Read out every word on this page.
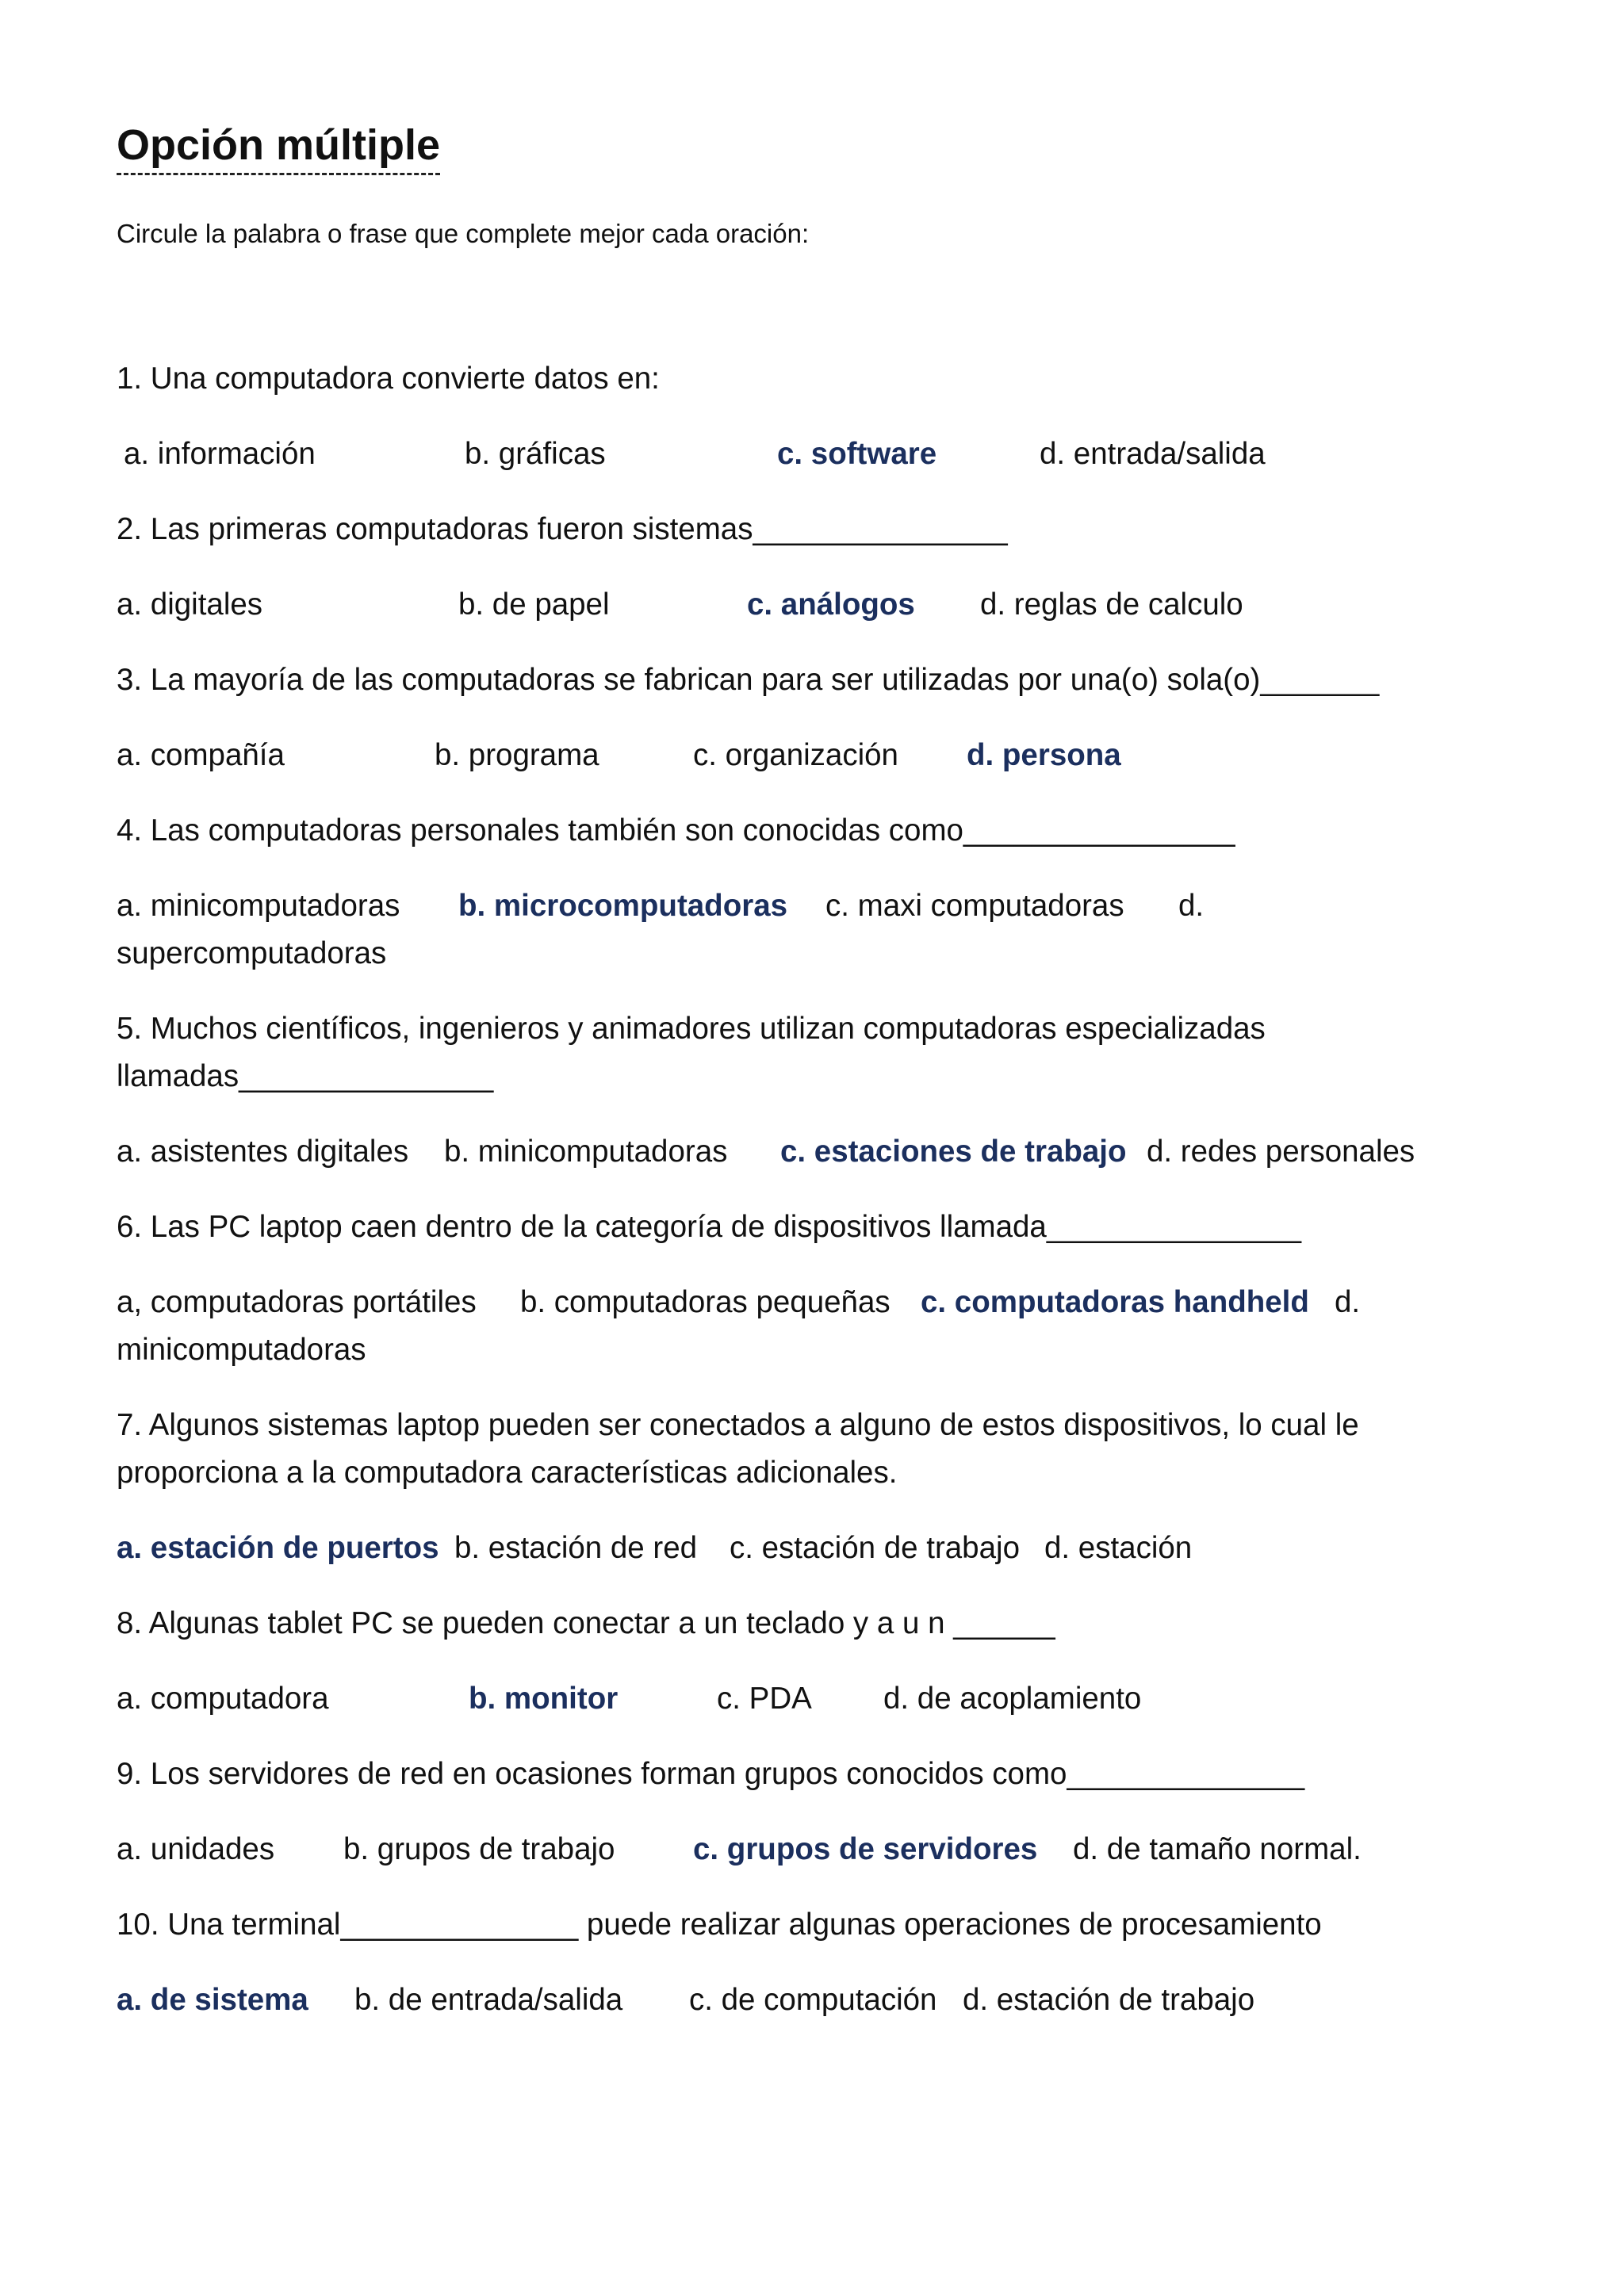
Opción múltiple
Circule la palabra o frase que complete mejor cada oración:
1. Una computadora convierte datos en:
a. información	b. gráficas	c. software	d. entrada/salida
2. Las primeras computadoras fueron sistemas_______________
a. digitales	b. de papel	c. análogos d. reglas de calculo
3. La mayoría de las computadoras se fabrican para ser utilizadas por una(o) sola(o)_______
a. compañía	b. programa	c. organización d. persona
4. Las computadoras personales también son conocidas como________________
a. minicomputadoras b. microcomputadoras c. maxi computadoras d.
supercomputadoras
5. Muchos científicos, ingenieros y animadores utilizan computadoras especializadas llamadas_______________
a. asistentes digitales b. minicomputadoras c. estaciones de trabajo d. redes personales
6. Las PC laptop caen dentro de la categoría de dispositivos llamada_______________
a, computadoras portátiles b. computadoras pequeñas c. computadoras handheld d.
minicomputadoras
7. Algunos sistemas laptop pueden ser conectados a alguno de estos dispositivos, lo cual le proporciona a la computadora características adicionales.
a. estación de puertos b. estación de red c. estación de trabajo d. estación
8. Algunas tablet PC se pueden conectar a un teclado y a u n ______
a. computadora	b. monitor	c. PDA d. de acoplamiento
9. Los servidores de red en ocasiones forman grupos conocidos como______________
a. unidades b. grupos de trabajo	c. grupos de servidores d. de tamaño normal.
10. Una terminal______________ puede realizar algunas operaciones de procesamiento
a. de sistema b. de entrada/salida c. de computación d. estación de trabajo
